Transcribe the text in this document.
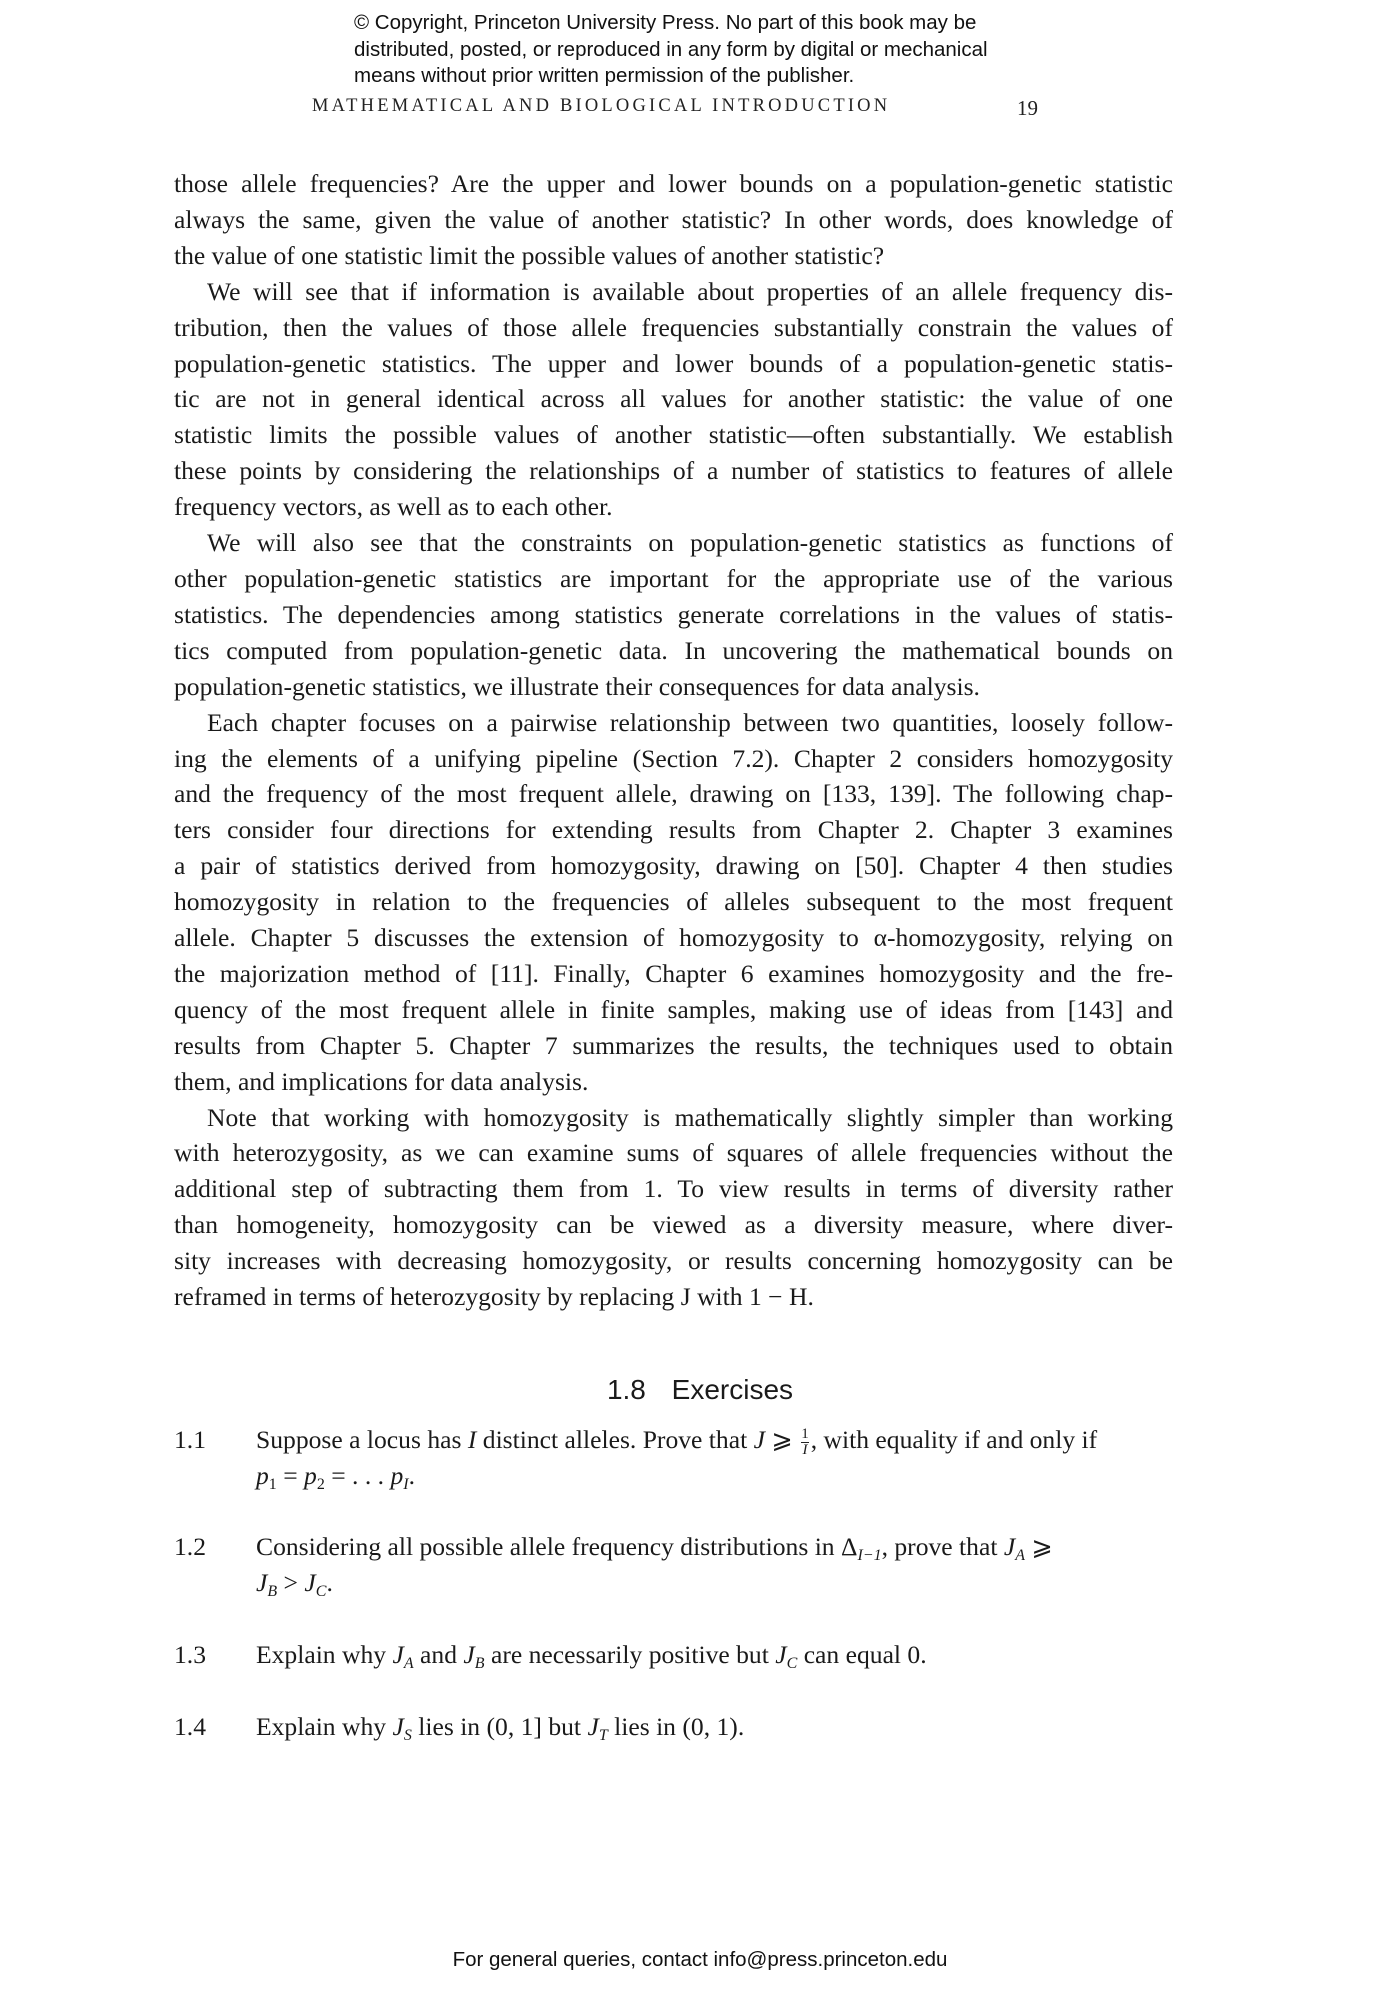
© Copyright, Princeton University Press. No part of this book may be
distributed, posted, or reproduced in any form by digital or mechanical
means without prior written permission of the publisher.
MATHEMATICAL AND BIOLOGICAL INTRODUCTION	19
those allele frequencies? Are the upper and lower bounds on a population-genetic statistic
always the same, given the value of another statistic? In other words, does knowledge of
the value of one statistic limit the possible values of another statistic?
We will see that if information is available about properties of an allele frequency dis-
tribution, then the values of those allele frequencies substantially constrain the values of
population-genetic statistics. The upper and lower bounds of a population-genetic statis-
tic are not in general identical across all values for another statistic: the value of one
statistic limits the possible values of another statistic—often substantially. We establish
these points by considering the relationships of a number of statistics to features of allele
frequency vectors, as well as to each other.
We will also see that the constraints on population-genetic statistics as functions of
other population-genetic statistics are important for the appropriate use of the various
statistics. The dependencies among statistics generate correlations in the values of statis-
tics computed from population-genetic data. In uncovering the mathematical bounds on
population-genetic statistics, we illustrate their consequences for data analysis.
Each chapter focuses on a pairwise relationship between two quantities, loosely follow-
ing the elements of a unifying pipeline (Section 7.2). Chapter 2 considers homozygosity
and the frequency of the most frequent allele, drawing on [133, 139]. The following chap-
ters consider four directions for extending results from Chapter 2. Chapter 3 examines
a pair of statistics derived from homozygosity, drawing on [50]. Chapter 4 then studies
homozygosity in relation to the frequencies of alleles subsequent to the most frequent
allele. Chapter 5 discusses the extension of homozygosity to α-homozygosity, relying on
the majorization method of [11]. Finally, Chapter 6 examines homozygosity and the fre-
quency of the most frequent allele in finite samples, making use of ideas from [143] and
results from Chapter 5. Chapter 7 summarizes the results, the techniques used to obtain
them, and implications for data analysis.
Note that working with homozygosity is mathematically slightly simpler than working
with heterozygosity, as we can examine sums of squares of allele frequencies without the
additional step of subtracting them from 1. To view results in terms of diversity rather
than homogeneity, homozygosity can be viewed as a diversity measure, where diver-
sity increases with decreasing homozygosity, or results concerning homozygosity can be
reframed in terms of heterozygosity by replacing J with 1 − H.
1.8 Exercises
1.1 Suppose a locus has I distinct alleles. Prove that J ⩾ $\frac{1}{I}$ , with equality if and only if
$p_1 = p_2$ = . . . $p_I$.
1.2 Considering all possible allele frequency distributions in $\Delta_{I-1}$, prove that $J_A$ ⩾
$J_B > J_C$.
1.3 Explain why $J_A$ and $J_B$ are necessarily positive but $J_C$ can equal 0.
1.4 Explain why $J_S$ lies in (0, 1] but $J_T$ lies in (0, 1).
For general queries, contact info@press.princeton.edu
